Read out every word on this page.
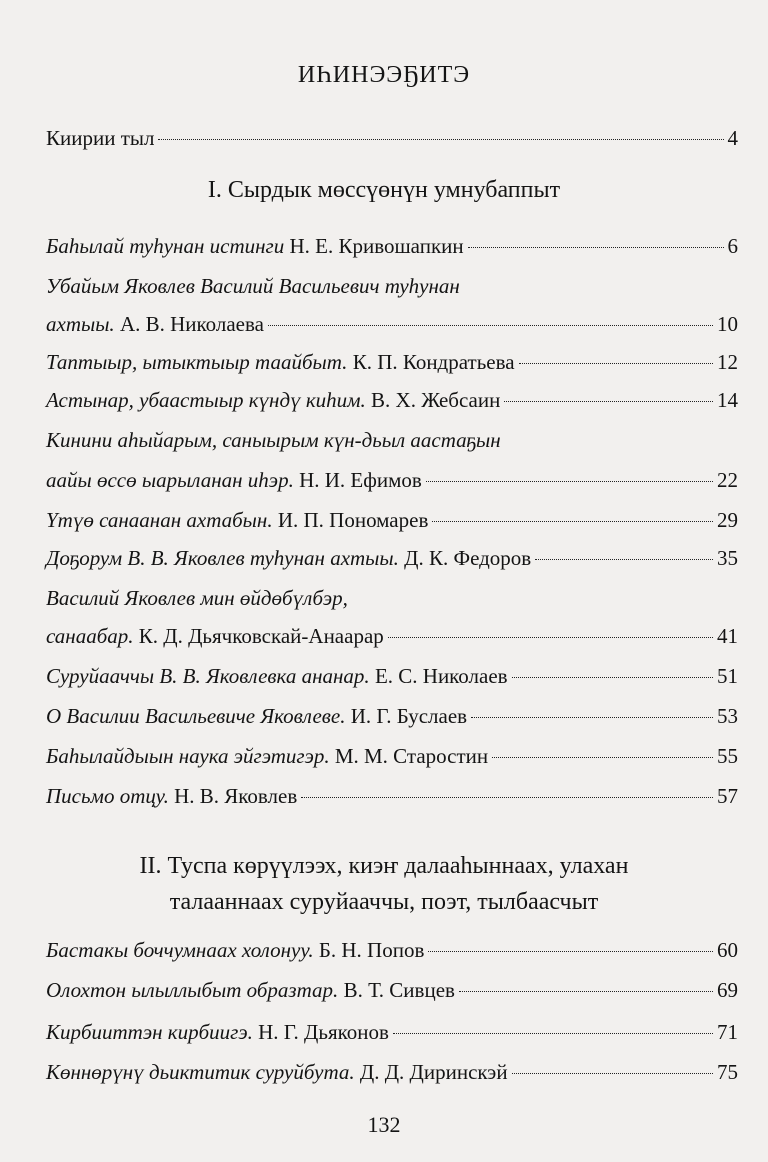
ИҺИНЭЭҔИТЭ
Киирии тыл	4
I. Сырдык мөссүөнүн умнубаппыт
Баһылай туһунан истинги Н. Е. Кривошапкин	6
Убайым Яковлев Василий Васильевич туһунан
ахтыы. А. В. Николаева	10
Таптыыр, ытыктыыр таайбыт. К. П. Кондратьева	12
Астынар, убаастыыр күндү киһим. В. Х. Жебсаин	14
Кинини аһыйарым, саныырым күн-дьыл аастаҕын
аайы өссө ыарыланан иһэр. Н. И. Ефимов	22
Үтүө санаанан ахтабын. И. П. Пономарев	29
Доҕорум В. В. Яковлев туһунан ахтыы. Д. К. Федоров	35
Василий Яковлев мин өйдөбүлбэр,
санаабар. К. Д. Дьячковскай-Анаарар	41
Суруйааччы В. В. Яковлевка ананар. Е. С. Николаев	51
О Василии Васильевиче Яковлеве. И. Г. Буслаев	53
Баһылайдыын наука эйгэтигэр. М. М. Старостин	55
Письмо отцу. Н. В. Яковлев	57
II. Туспа көрүүлээх, киэҥ далааһыннаах, улахан
талааннаах суруйааччы, поэт, тылбаасчыт
Бастакы боччумнаах холонуу. Б. Н. Попов	60
Олохтон ылыллыбыт образтар. В. Т. Сивцев	69
Кирбииттэн кирбиигэ. Н. Г. Дьяконов	71
Көннөрүнү дьиктитик суруйбута. Д. Д. Диринскэй	75
132
